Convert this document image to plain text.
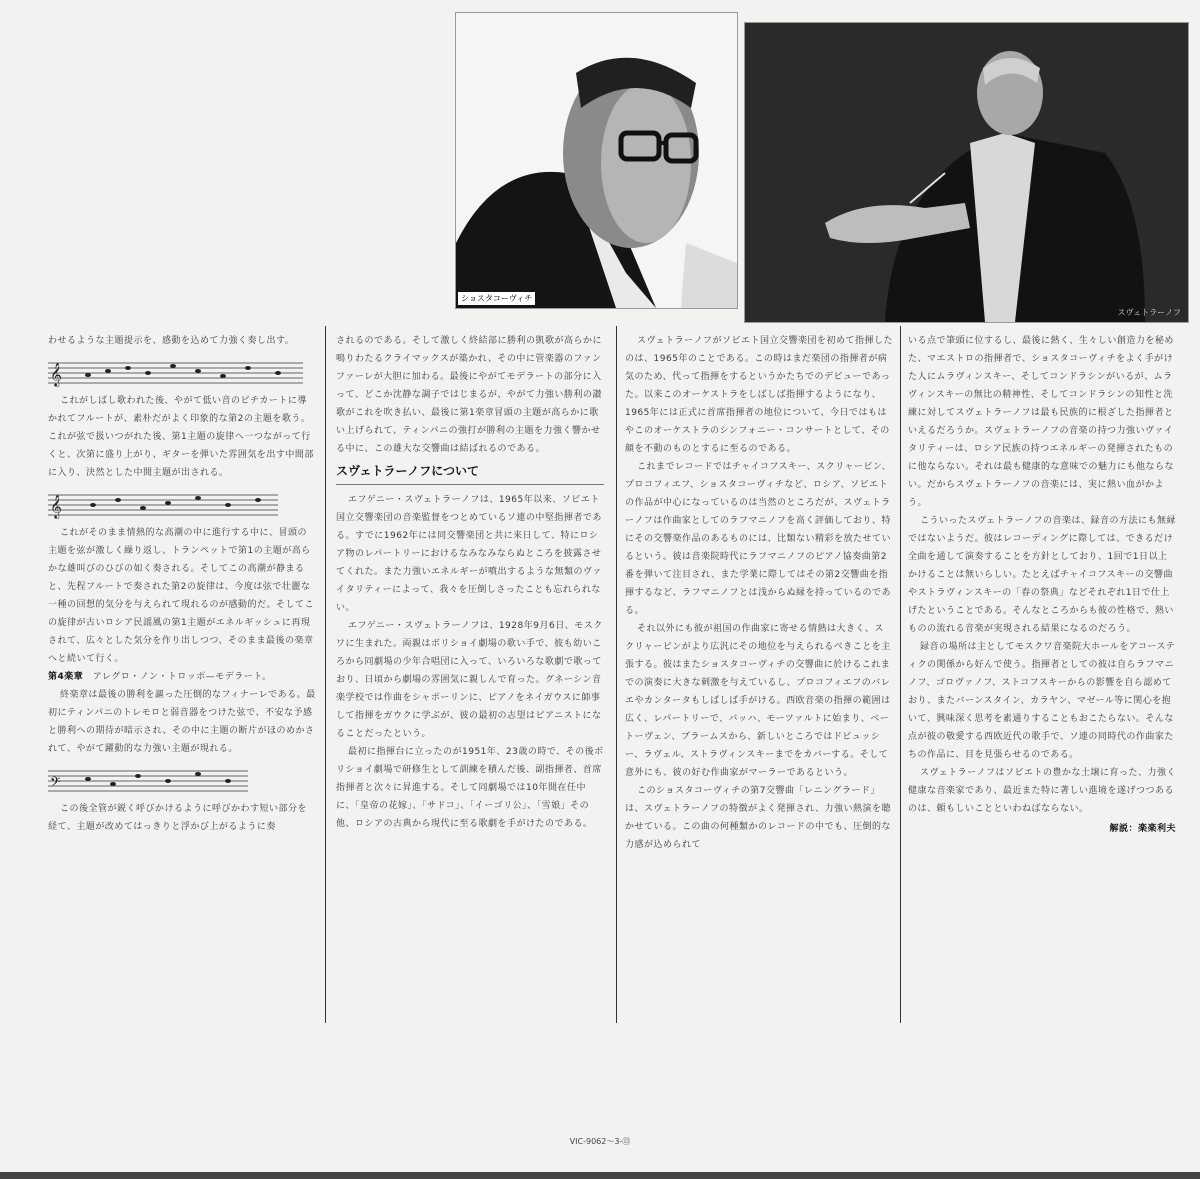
ショスタコーヴィチ
スヴェトラーノフ

わせるような主題提示を、感動を込めて力強く奏し出す。

𝄞

これがしばし歌われた後、やがて低い音のピチカートに導かれてフルートが、素朴だがよく印象的な第2の主題を歌う。これが弦で扱いつがれた後、第1主題の旋律へ一つながって行くと、次第に盛り上がり、ギターを弾いた雰囲気を出す中間部に入り、決然とした中間主題が出される。

𝄞

これがそのまま情熱的な高潮の中に進行する中に、冒頭の主題を弦が激しく繰り返し、トランペットで第1の主題が高らかな雄叫びのひびの如く奏される。そしてこの高潮が静まると、先程フルートで奏された第2の旋律は、今度は弦で壮麗な一種の回想的気分を与えられて現れるのが感動的だ。そしてこの旋律が古いロシア民謡風の第1主題がエネルギッシュに再現されて、広々とした気分を作り出しつつ、そのまま最後の楽章へと続いて行く。

第4楽章　 アレグロ・ノン・トロッポ—モデラート。

終楽章は最後の勝利を謳った圧倒的なフィナーレである。最初にティンパニのトレモロと弱音器をつけた弦で、不安な予感と勝利への期待が暗示され、その中に主題の断片がほのめかされて、やがて躍動的な力強い主題が現れる。

𝄢

この後全管が鋭く呼びかけるように呼びかわす短い部分を経て、主題が改めてはっきりと浮かび上がるように奏

されるのである。そして激しく終結部に勝利の凱歌が高らかに鳴りわたるクライマックスが築かれ、その中に管楽器のファンファーレが大胆に加わる。最後にやがてモデラートの部分に入って、どこか沈静な調子ではじまるが、やがて力強い勝利の讃歌がこれを吹き払い、最後に第1楽章冒頭の主題が高らかに歌い上げられて、ティンパニの強打が勝利の主題を力強く響かせる中に、この雄大な交響曲は結ばれるのである。

スヴェトラーノフについて

エフゲニー・スヴェトラーノフは、1965年以来、ソビエト国立交響楽団の音楽監督をつとめているソ連の中堅指揮者である。すでに1962年には同交響楽団と共に来日して、特にロシア物のレパートリーにおけるなみなみならぬところを披露させてくれた。また力強いエネルギーが噴出するような無類のヴァイタリティーによって、我々を圧倒しさったことも忘れられない。

エフゲニー・スヴェトラーノフは、1928年9月6日、モスクワに生まれた。両親はボリショイ劇場の歌い手で、彼も幼いころから同劇場の少年合唱団に入って、いろいろな歌劇で歌っており、日頃から劇場の雰囲気に親しんで育った。グネーシン音楽学校では作曲をシャポーリンに、ピアノをネイガウスに師事して指揮をガウクに学ぶが、彼の最初の志望はピアニストになることだったという。

最初に指揮台に立ったのが1951年、23歳の時で、その後ボリショイ劇場で研修生として訓練を積んだ後、副指揮者、首席指揮者と次々に昇進する。そして同劇場では10年間在任中に、「皇帝の花嫁」、「サドコ」、「イーゴリ公」、「雪娘」その他、ロシアの古典から現代に至る歌劇を手がけたのである。

スヴェトラーノフがソビエト国立交響楽団を初めて指揮したのは、1965年のことである。この時はまだ楽団の指揮者が病気のため、代って指揮をするというかたちでのデビューであった。以来このオーケストラをしばしば指揮するようになり、1965年には正式に首席指揮者の地位について、今日ではもはやこのオーケストラのシンフォニー・コンサートとして、その顔を不動のものとするに至るのである。

これまでレコードではチャイコフスキー、スクリャービン、プロコフィエフ、ショスタコーヴィチなど、ロシア、ソビエトの作品が中心になっているのは当然のところだが、スヴェトラーノフは作曲家としてのラフマニノフを高く評価しており、特にその交響楽作品のあるものには、比類ない精彩を放たせているという。彼は音楽院時代にラフマニノフのピアノ協奏曲第2番を弾いて注目され、また学業に際してはその第2交響曲を指揮するなど、ラフマニノフとは浅からぬ縁を持っているのである。

それ以外にも彼が祖国の作曲家に寄せる情熱は大きく、スクリャービンがより広汎にその地位を与えられるべきことを主張する。彼はまたショスタコーヴィチの交響曲に於けるこれまでの演奏に大きな刺激を与えているし、プロコフィエフのバレエやカンタータもしばしば手がける。西欧音楽の指揮の範囲は広く、レパートリーで、バッハ、モーツァルトに始まり、ベートーヴェン、ブラームスから、新しいところではドビュッシー、ラヴェル、ストラヴィンスキーまでをカバーする。そして意外にも、彼の好む作曲家がマーラーであるという。

このショスタコーヴィチの第7交響曲「レニングラード」は、スヴェトラーノフの特徴がよく発揮され、力強い熱演を聴かせている。この曲の何種類かのレコードの中でも、圧倒的な力感が込められて

いる点で筆頭に位するし、最後に熱く、生々しい創造力を秘めた、マエストロの指揮者で、ショスタコーヴィチをよく手がけた人にムラヴィンスキー、そしてコンドラシンがいるが、ムラヴィンスキーの無比の精神性、そしてコンドラシンの知性と洗練に対してスヴェトラーノフは最も民族的に根ざした指揮者といえるだろうか。スヴェトラーノフの音楽の持つ力強いヴァイタリティーは、ロシア民族の持つエネルギーの発揮されたものに他ならない。それは最も健康的な意味での魅力にも他ならない。だからスヴェトラーノフの音楽には、実に熱い血がかよう。

こういったスヴェトラーノフの音楽は、録音の方法にも無縁ではないようだ。彼はレコーディングに際しては、できるだけ全曲を通して演奏することを方針としており、1回で1日以上かけることは無いらしい。たとえばチャイコフスキーの交響曲やストラヴィンスキーの「春の祭典」などそれぞれ1日で仕上げたということである。そんなところからも彼の性格で、熱いものの流れる音楽が実現される結果になるのだろう。

録音の場所は主としてモスクワ音楽院大ホールをアコースティクの関係から好んで使う。指揮者としての彼は自らラフマニノフ、ゴロヴァノフ、ストコフスキーからの影響を自ら認めており、またバーンスタイン、カラヤン、マゼール等に関心を抱いて、興味深く思考を素通りすることもおこたらない。そんな点が彼の敬愛する西欧近代の歌手で、ソ連の同時代の作曲家たちの作品に、目を見張らせるのである。

スヴェトラーノフはソビエトの豊かな土壌に育った、力強く健康な音楽家であり、最近また特に著しい進境を遂げつつあるのは、頼もしいことといわねばならない。

解説：楽楽利夫
VIC-9062～3-⑬
